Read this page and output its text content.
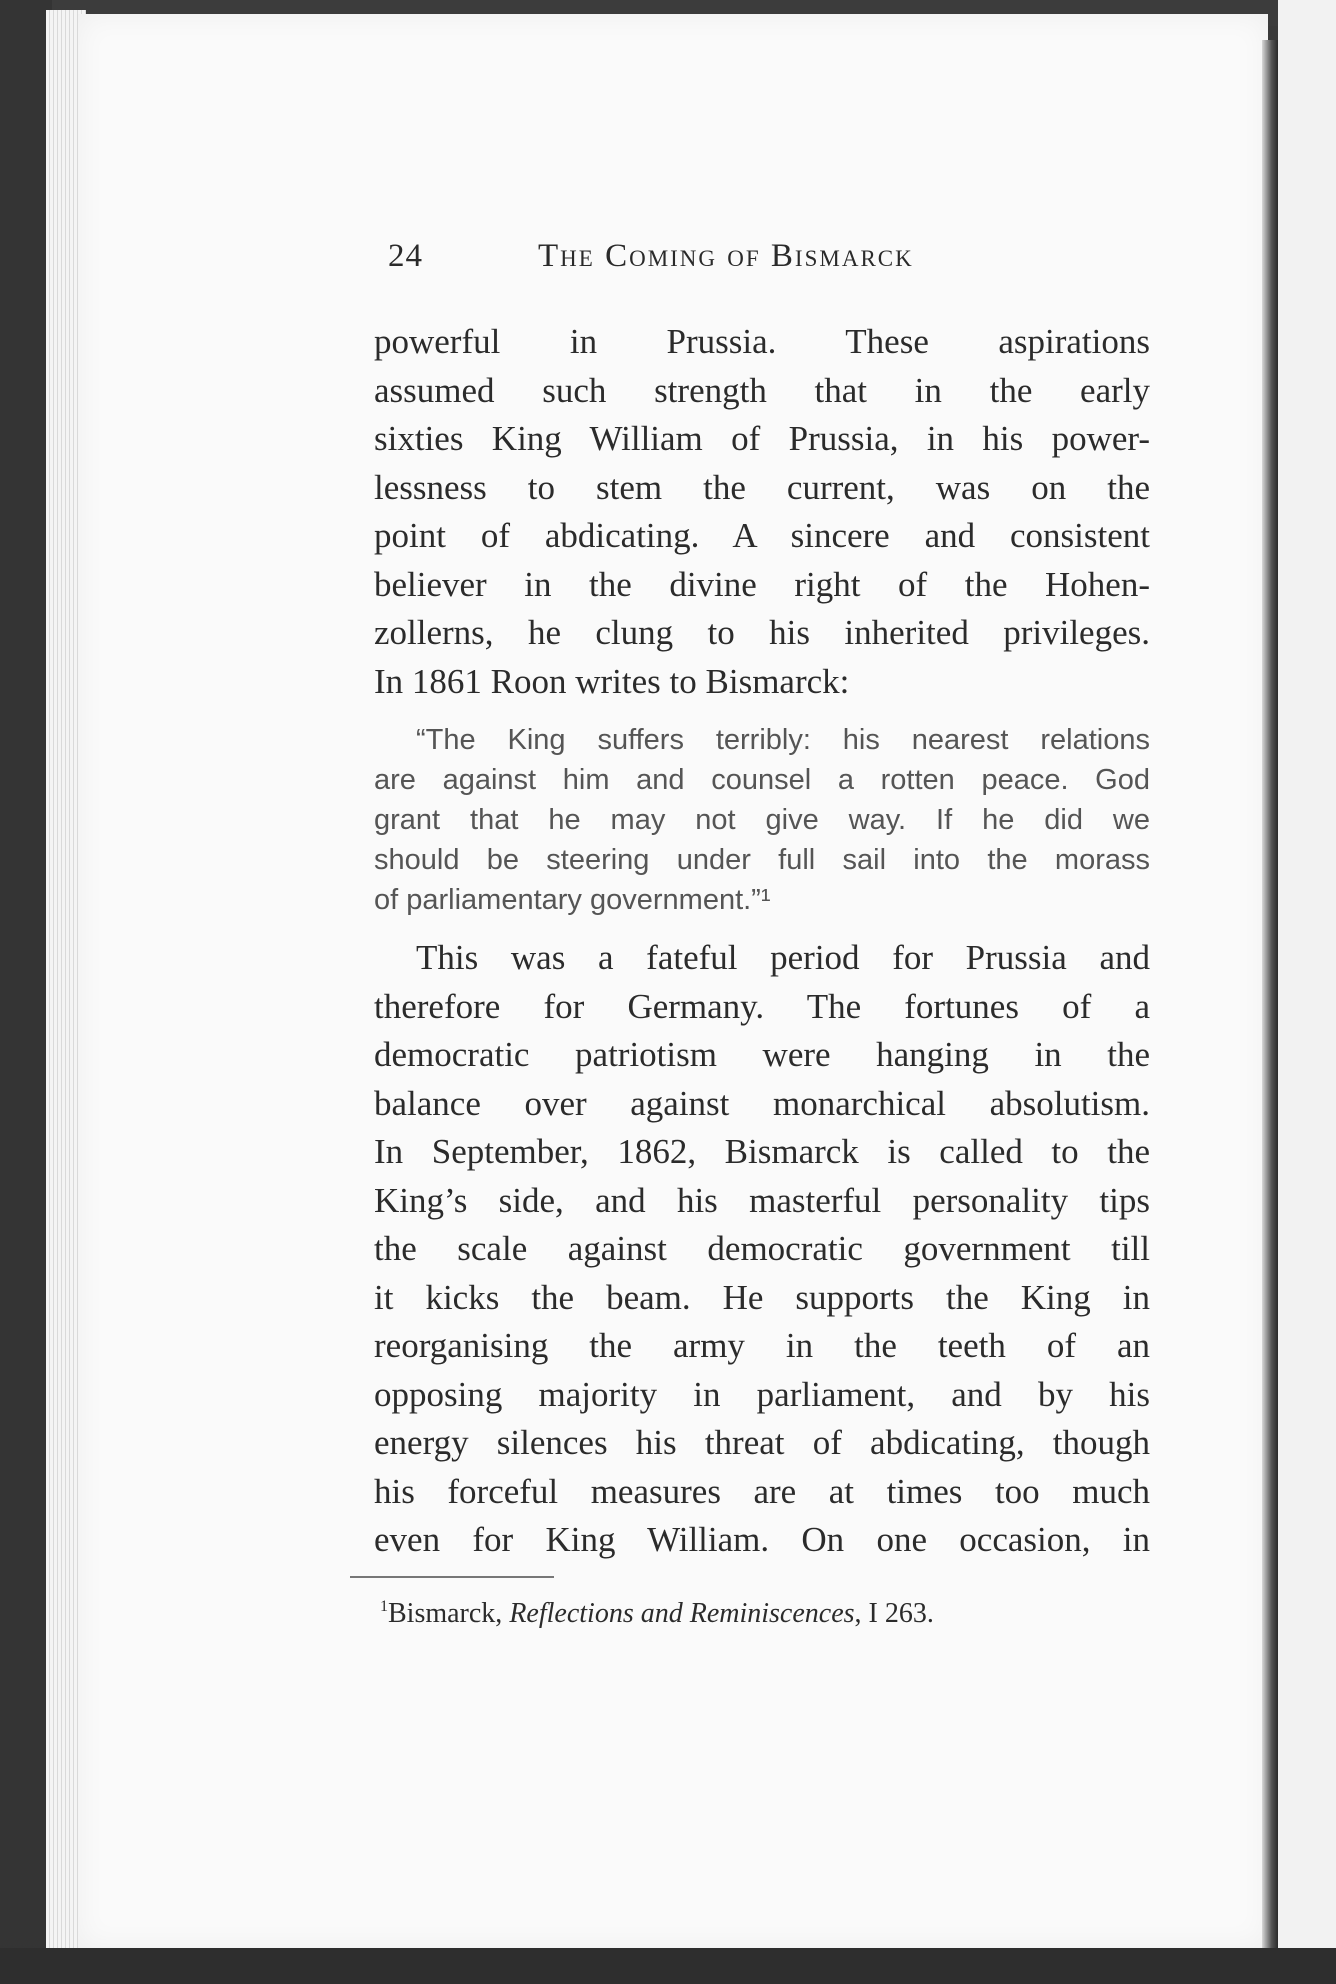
24	The Coming of Bismarck
powerful in Prussia. These aspirations
assumed such strength that in the early
sixties King William of Prussia, in his power-
lessness to stem the current, was on the
point of abdicating. A sincere and consistent
believer in the divine right of the Hohen-
zollerns, he clung to his inherited privileges.
In 1861 Roon writes to Bismarck:
“The King suffers terribly: his nearest relations
are against him and counsel a rotten peace. God
grant that he may not give way. If he did we
should be steering under full sail into the morass
of parliamentary government.”¹
This was a fateful period for Prussia and
therefore for Germany. The fortunes of a
democratic patriotism were hanging in the
balance over against monarchical absolutism.
In September, 1862, Bismarck is called to the
King’s side, and his masterful personality tips
the scale against democratic government till
it kicks the beam. He supports the King in
reorganising the army in the teeth of an
opposing majority in parliament, and by his
energy silences his threat of abdicating, though
his forceful measures are at times too much
even for King William. On one occasion, in
$^1$Bismarck, Reflections and Reminiscences, I 263.
